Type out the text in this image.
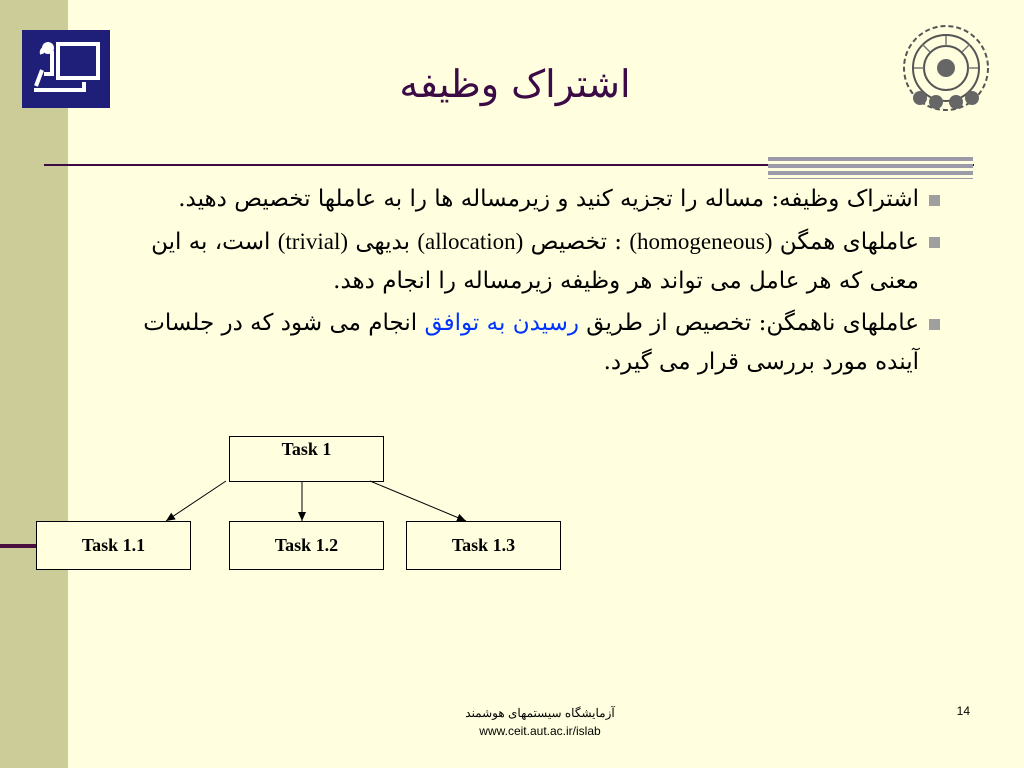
اشتراک وظیفه
اشتراک وظیفه: مساله را تجزیه کنید و زیرمساله ها را به عاملها تخصیص دهید.
عاملهای همگن (homogeneous) : تخصیص (allocation) بدیهی (trivial) است، به این معنی که هر عامل می تواند هر وظیفه زیرمساله را انجام دهد.
عاملهای ناهمگن: تخصیص از طریق رسیدن به توافق انجام می شود که در جلسات آینده مورد بررسی قرار می گیرد.
Task 1
Task 1.1	Task 1.2	Task 1.3
آزمایشگاه سیستمهای هوشمند
www.ceit.aut.ac.ir/islab
14
